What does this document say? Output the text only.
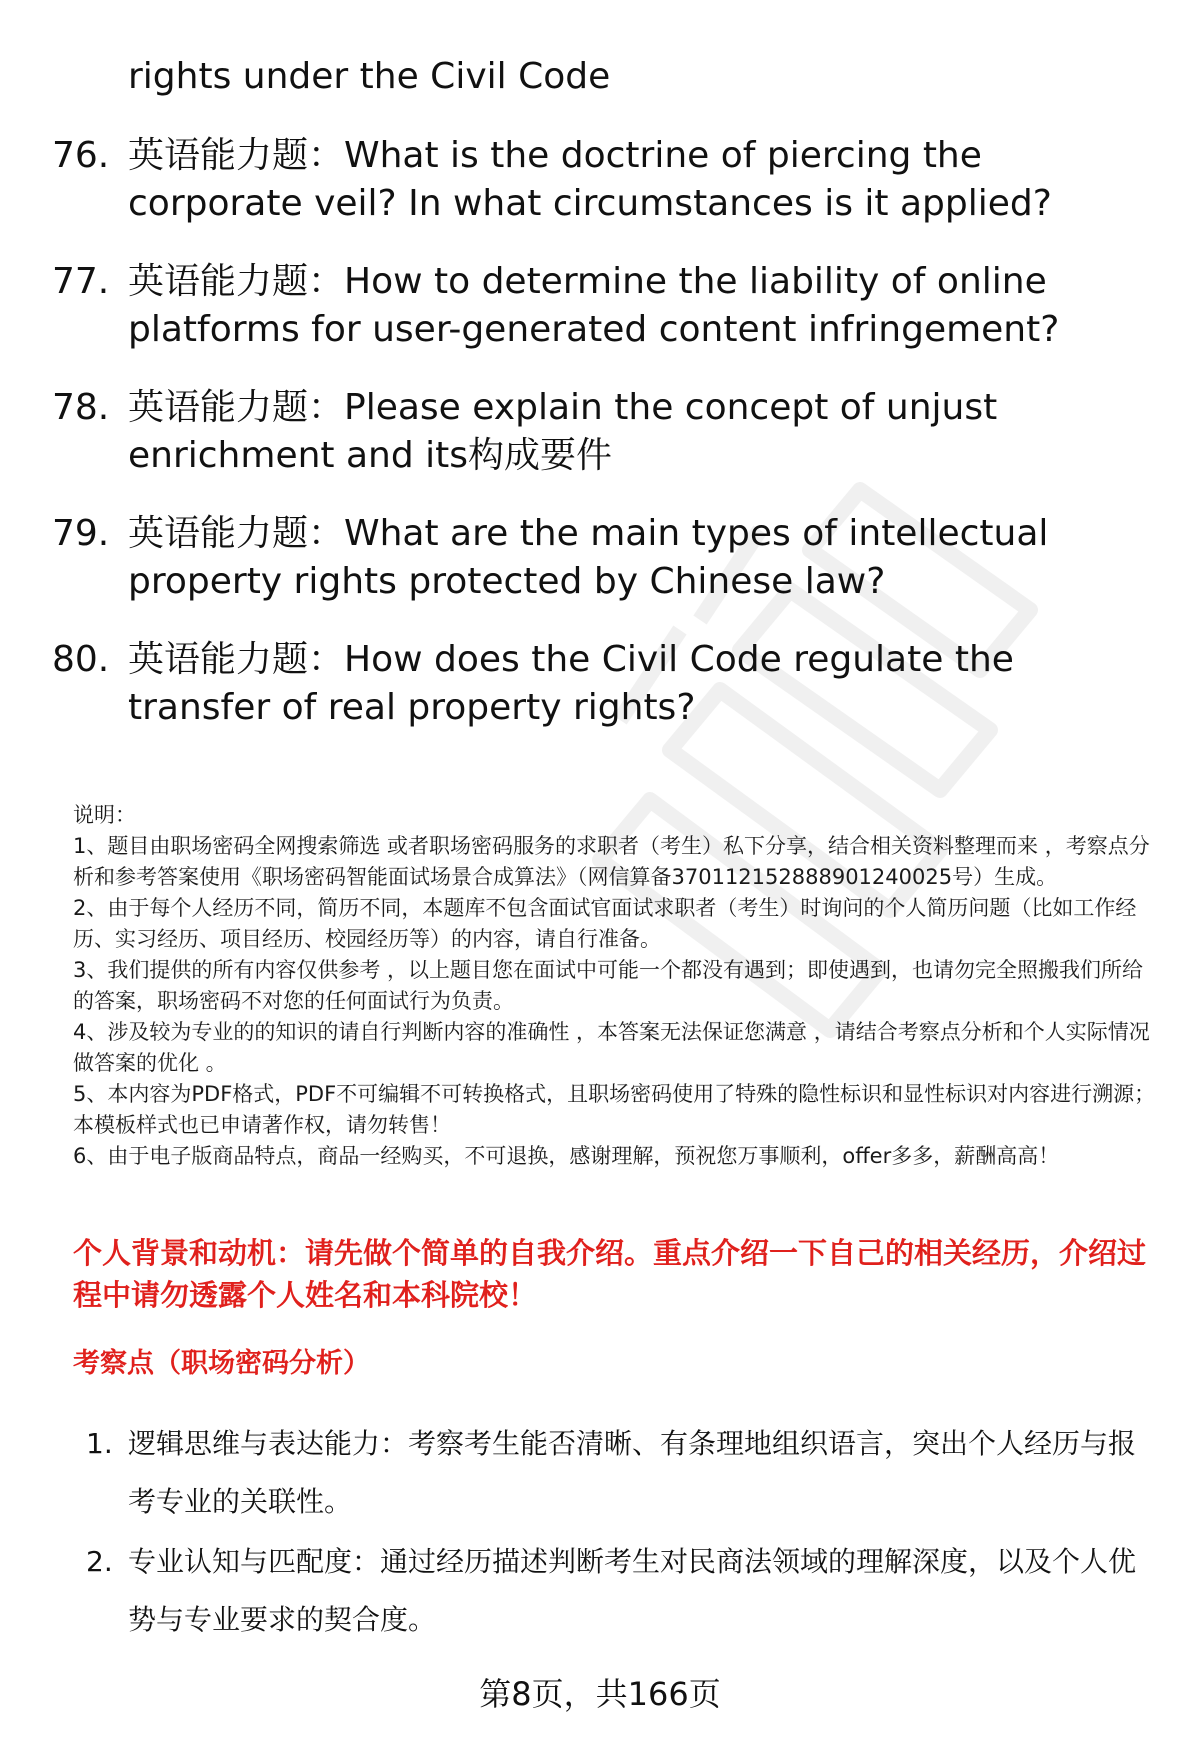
rights under the Civil Code
76. 英语能力题：What is the doctrine of piercing the corporate veil? In what circumstances is it applied?
77. 英语能力题：How to determine the liability of online platforms for user-generated content infringement?
78. 英语能力题：Please explain the concept of unjust enrichment and its构成要件
79. 英语能力题：What are the main types of intellectual property rights protected by Chinese law?
80. 英语能力题：How does the Civil Code regulate the transfer of real property rights?
说明：
1、题目由职场密码全网搜索筛选 或者职场密码服务的求职者（考生）私下分享，结合相关资料整理而来 ，考察点分析和参考答案使用《职场密码智能面试场景合成算法》（网信算备370112152888901240025号）生成。
2、由于每个人经历不同，简历不同，本题库不包含面试官面试求职者（考生）时询问的个人简历问题（比如工作经历、实习经历、项目经历、校园经历等）的内容，请自行准备。
3、我们提供的所有内容仅供参考 ，以上题目您在面试中可能一个都没有遇到；即使遇到，也请勿完全照搬我们所给的答案，职场密码不对您的任何面试行为负责。
4、涉及较为专业的的知识的请自行判断内容的准确性 ，本答案无法保证您满意 ，请结合考察点分析和个人实际情况做答案的优化 。
5、本内容为PDF格式，PDF不可编辑不可转换格式，且职场密码使用了特殊的隐性标识和显性标识对内容进行溯源；本模板样式也已申请著作权，请勿转售！
6、由于电子版商品特点，商品一经购买，不可退换，感谢理解，预祝您万事顺利，offer多多，薪酬高高！
个人背景和动机：请先做个简单的自我介绍。重点介绍一下自己的相关经历，介绍过程中请勿透露个人姓名和本科院校！
考察点（职场密码分析）
1. 逻辑思维与表达能力：考察考生能否清晰、有条理地组织语言，突出个人经历与报考专业的关联性。
2. 专业认知与匹配度：通过经历描述判断考生对民商法领域的理解深度，以及个人优势与专业要求的契合度。
第8页，共166页
